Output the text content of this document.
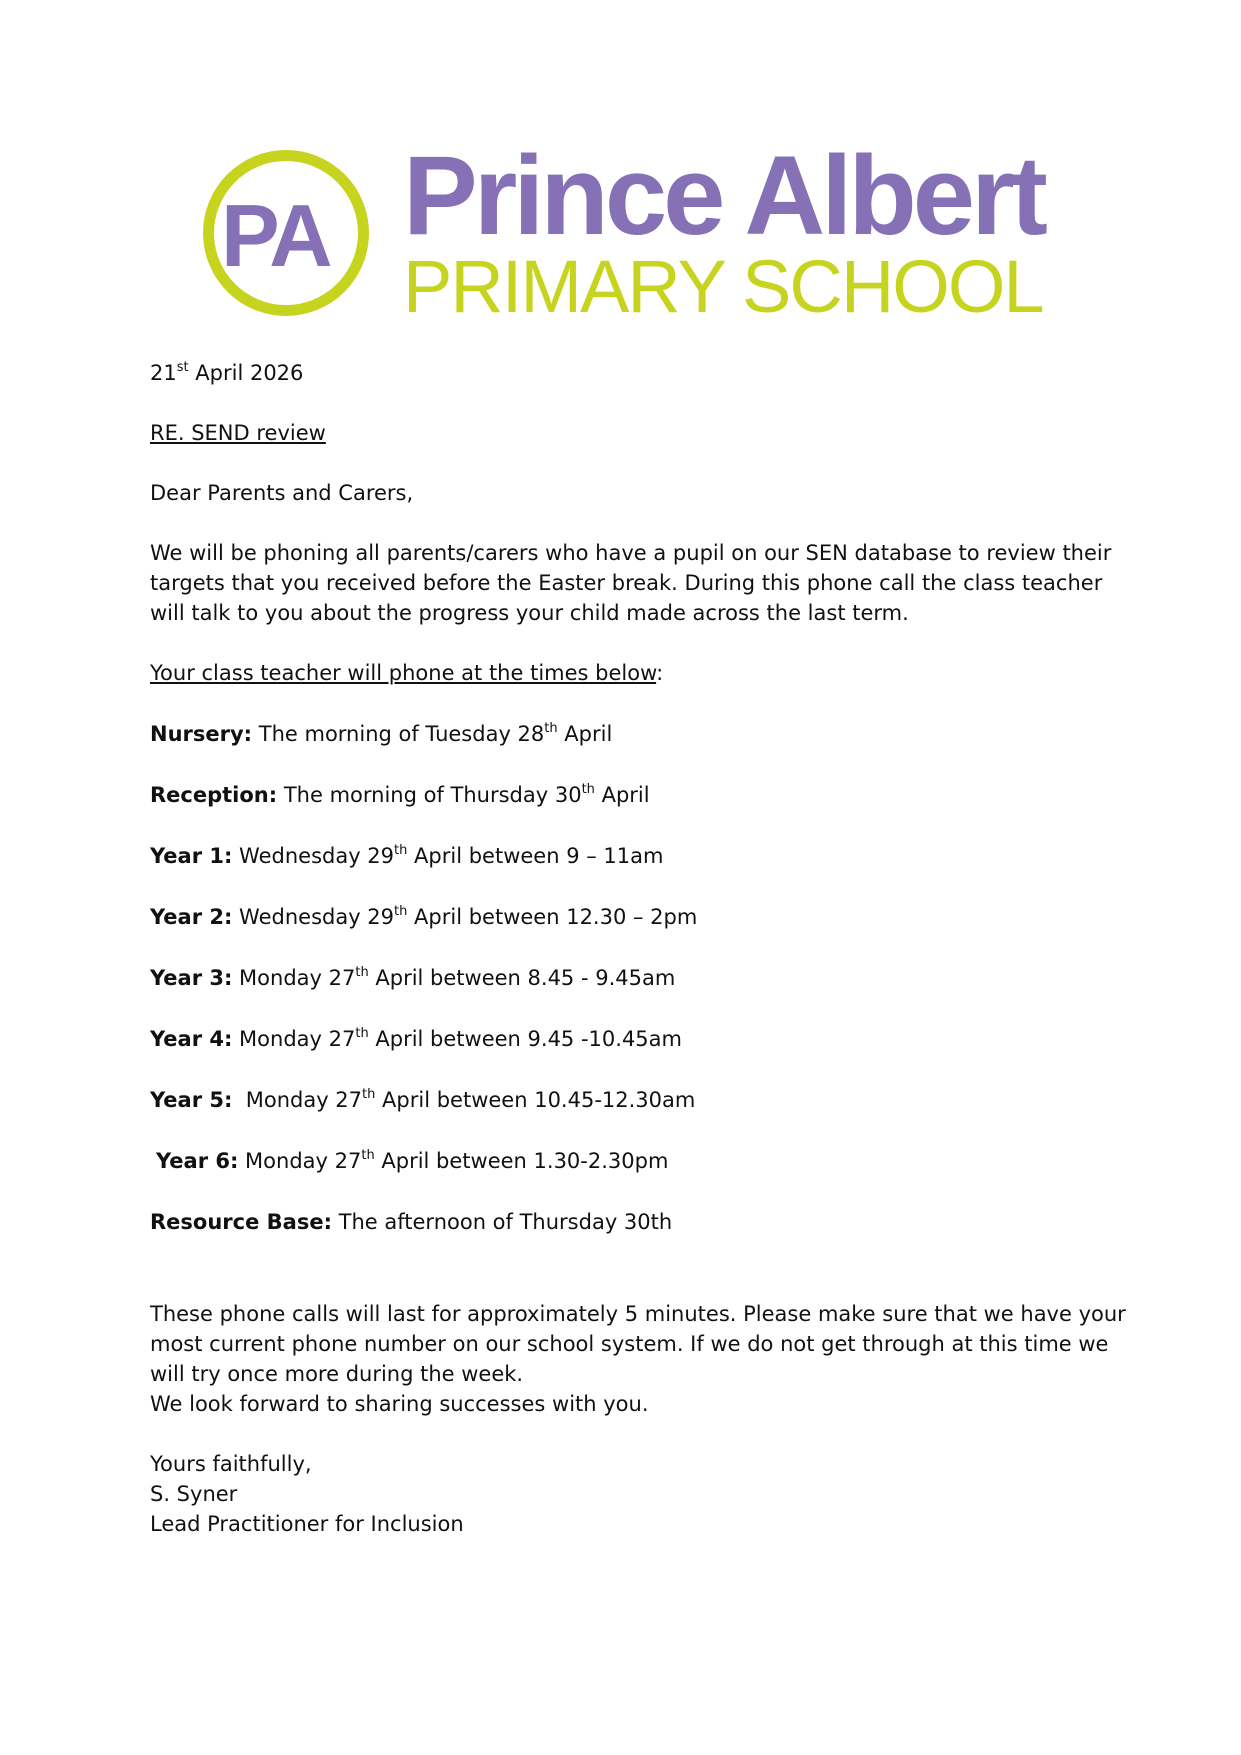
PA Prince Albert
PRIMARY SCHOOL
21st April 2026
RE. SEND review
Dear Parents and Carers,
We will be phoning all parents/carers who have a pupil on our SEN database to review their
targets that you received before the Easter break. During this phone call the class teacher
will talk to you about the progress your child made across the last term.
Your class teacher will phone at the times below:
Nursery: The morning of Tuesday 28th April
Reception: The morning of Thursday 30th April
Year 1: Wednesday 29th April between 9 – 11am
Year 2: Wednesday 29th April between 12.30 – 2pm
Year 3: Monday 27th April between 8.45 - 9.45am
Year 4: Monday 27th April between 9.45 -10.45am
Year 5:  Monday 27th April between 10.45-12.30am
Year 6: Monday 27th April between 1.30-2.30pm
Resource Base: The afternoon of Thursday 30th
These phone calls will last for approximately 5 minutes. Please make sure that we have your
most current phone number on our school system. If we do not get through at this time we
will try once more during the week.
We look forward to sharing successes with you.
Yours faithfully,
S. Syner
Lead Practitioner for Inclusion
